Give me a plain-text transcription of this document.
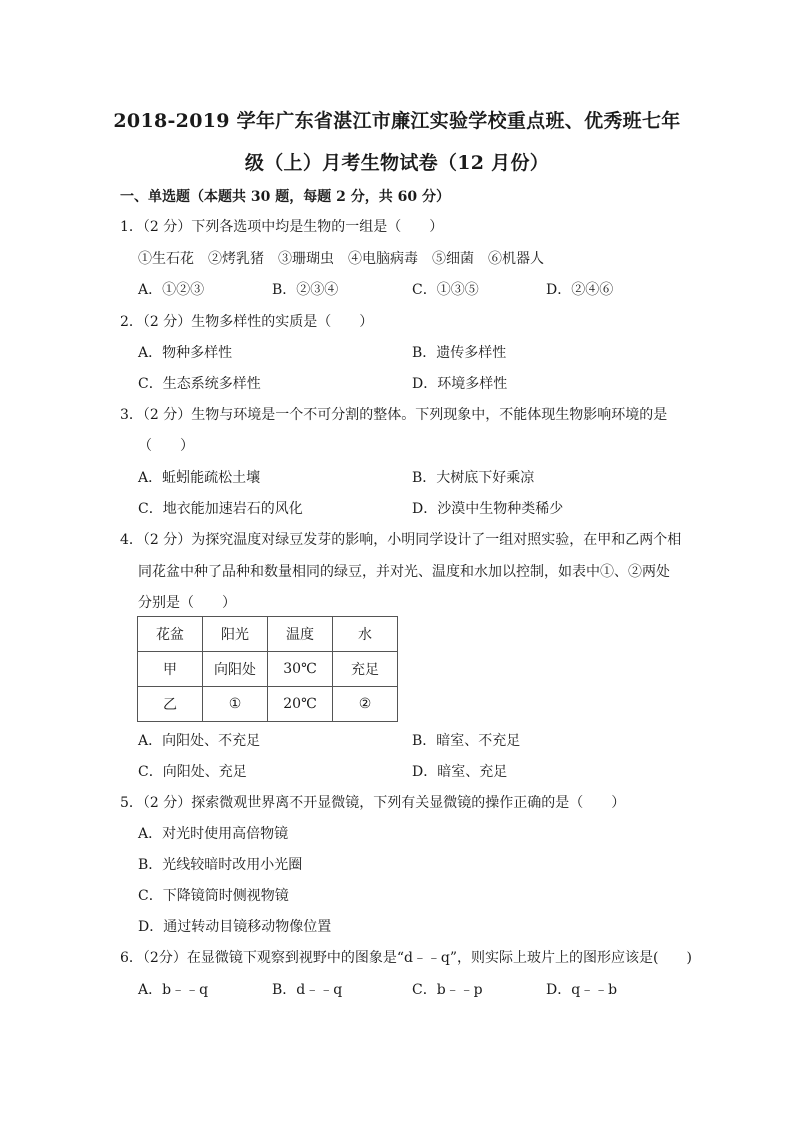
2018-2019 学年广东省湛江市廉江实验学校重点班、优秀班七年
级（上）月考生物试卷（12 月份）
一、单选题（本题共 30 题，每题 2 分，共 60 分）
1．（2 分）下列各选项中均是生物的一组是（　　）
①生石花　②烤乳猪　③珊瑚虫　④电脑病毒　⑤细菌　⑥机器人
A．①②③	B．②③④	C．①③⑤	D．②④⑥
2．（2 分）生物多样性的实质是（　　）
A．物种多样性	B．遗传多样性
C．生态系统多样性	D．环境多样性
3．（2 分）生物与环境是一个不可分割的整体。下列现象中，不能体现生物影响环境的是
（　　）
A．蚯蚓能疏松土壤	B．大树底下好乘凉
C．地衣能加速岩石的风化	D．沙漠中生物种类稀少
4．（2 分）为探究温度对绿豆发芽的影响，小明同学设计了一组对照实验，在甲和乙两个相
同花盆中种了品种和数量相同的绿豆，并对光、温度和水加以控制，如表中①、②两处
分别是（　　）
花盆	阳光	温度	水
甲	向阳处	30℃	充足
乙	①	20℃	②
A．向阳处、不充足	B．暗室、不充足
C．向阳处、充足	D．暗室、充足
5．（2 分）探索微观世界离不开显微镜，下列有关显微镜的操作正确的是（　　）
A．对光时使用高倍物镜
B．光线较暗时改用小光圈
C．下降镜筒时侧视物镜
D．通过转动目镜移动物像位置
6．（2分）在显微镜下观察到视野中的图象是“d﹣﹣q”，则实际上玻片上的图形应该是(　　)
A．b﹣﹣q	B．d﹣﹣q	C．b﹣﹣p	D．q﹣﹣b
